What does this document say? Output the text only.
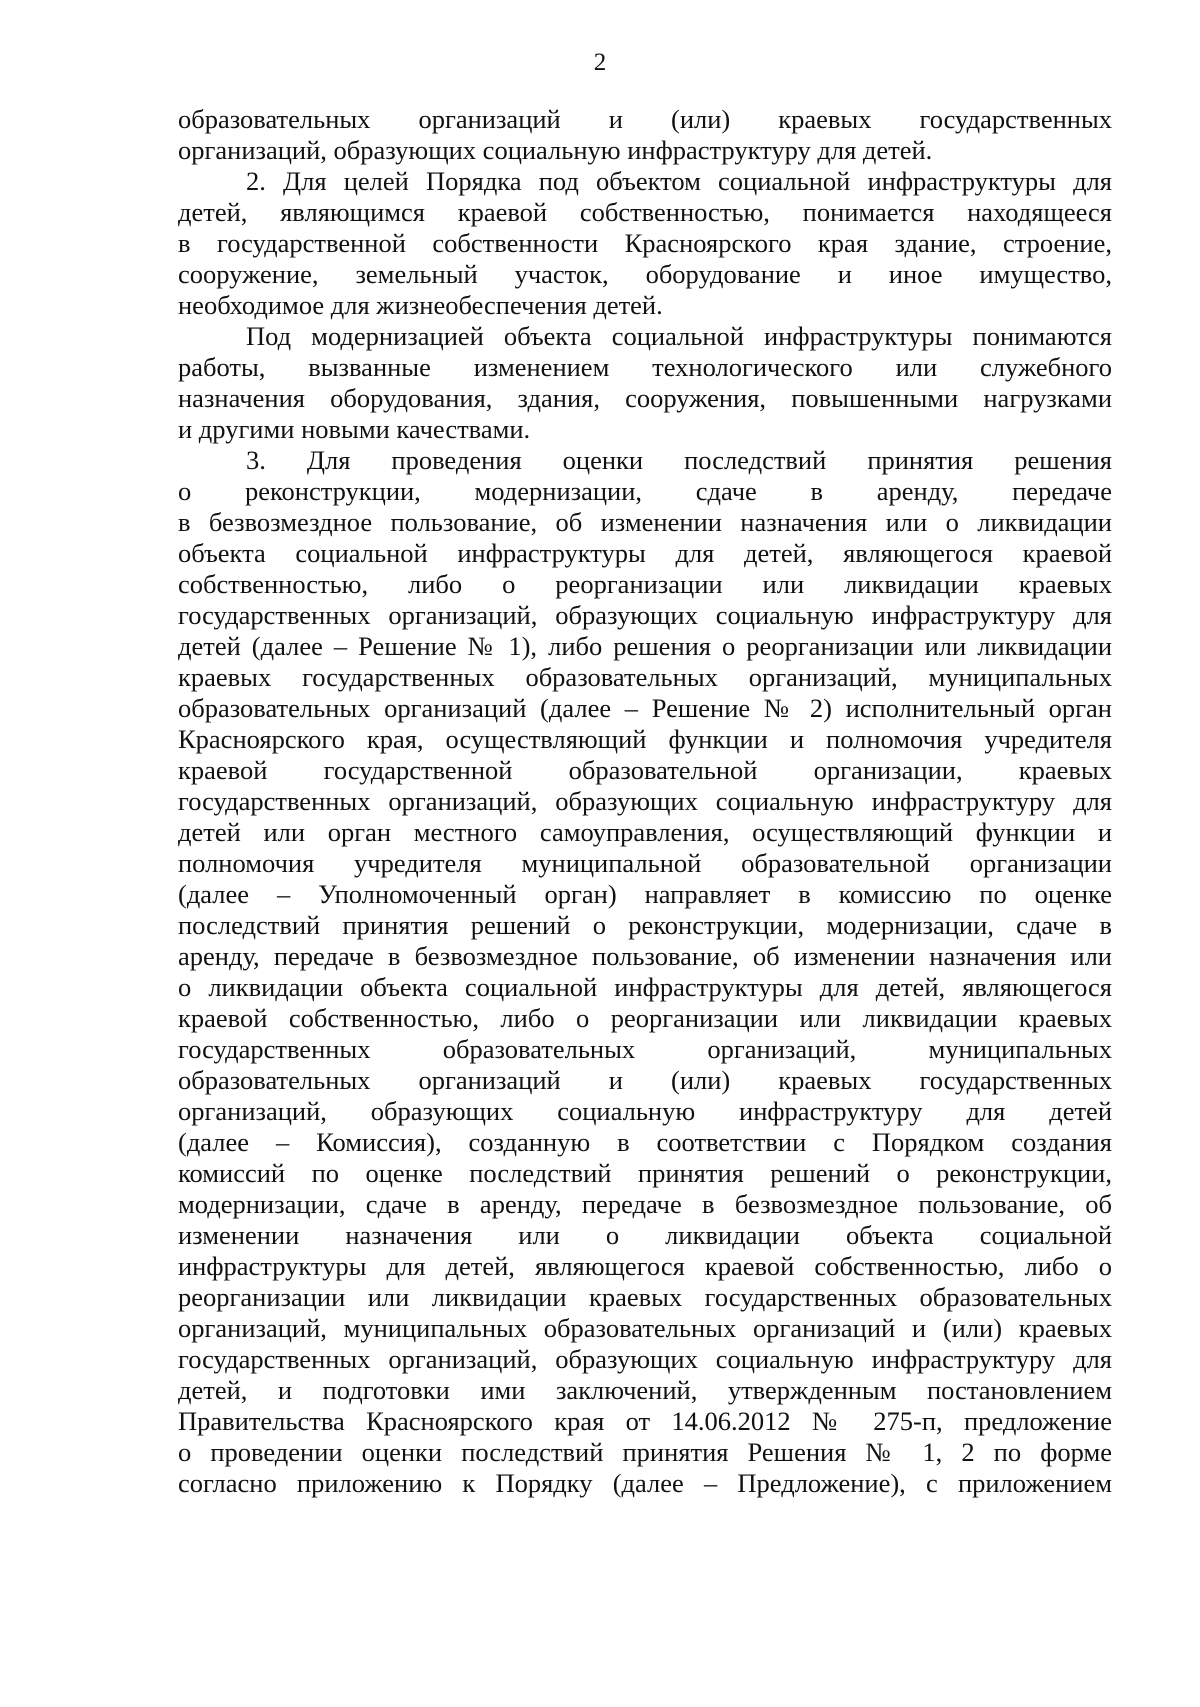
2
образовательных организаций и (или) краевых государственных
организаций, образующих социальную инфраструктуру для детей.
2. Для целей Порядка под объектом социальной инфраструктуры для
детей, являющимся краевой собственностью, понимается находящееся
в государственной собственности Красноярского края здание, строение,
сооружение, земельный участок, оборудование и иное имущество,
необходимое для жизнеобеспечения детей.
Под модернизацией объекта социальной инфраструктуры понимаются
работы, вызванные изменением технологического или служебного
назначения оборудования, здания, сооружения, повышенными нагрузками
и другими новыми качествами.
3. Для проведения оценки последствий принятия решения
о реконструкции, модернизации, сдаче в аренду, передаче
в безвозмездное пользование, об изменении назначения или о ликвидации
объекта социальной инфраструктуры для детей, являющегося краевой
собственностью, либо о реорганизации или ликвидации краевых
государственных организаций, образующих социальную инфраструктуру для
детей (далее – Решение № 1), либо решения о реорганизации или ликвидации
краевых государственных образовательных организаций, муниципальных
образовательных организаций (далее – Решение № 2) исполнительный орган
Красноярского края, осуществляющий функции и полномочия учредителя
краевой государственной образовательной организации, краевых
государственных организаций, образующих социальную инфраструктуру для
детей или орган местного самоуправления, осуществляющий функции и
полномочия учредителя муниципальной образовательной организации
(далее – Уполномоченный орган) направляет в комиссию по оценке
последствий принятия решений о реконструкции, модернизации, сдаче в
аренду, передаче в безвозмездное пользование, об изменении назначения или
о ликвидации объекта социальной инфраструктуры для детей, являющегося
краевой собственностью, либо о реорганизации или ликвидации краевых
государственных образовательных организаций, муниципальных
образовательных организаций и (или) краевых государственных
организаций, образующих социальную инфраструктуру для детей
(далее – Комиссия), созданную в соответствии с Порядком создания
комиссий по оценке последствий принятия решений о реконструкции,
модернизации, сдаче в аренду, передаче в безвозмездное пользование, об
изменении назначения или о ликвидации объекта социальной
инфраструктуры для детей, являющегося краевой собственностью, либо о
реорганизации или ликвидации краевых государственных образовательных
организаций, муниципальных образовательных организаций и (или) краевых
государственных организаций, образующих социальную инфраструктуру для
детей, и подготовки ими заключений, утвержденным постановлением
Правительства Красноярского края от 14.06.2012 № 275-п, предложение
о проведении оценки последствий принятия Решения № 1, 2 по форме
согласно приложению к Порядку (далее – Предложение), с приложением
